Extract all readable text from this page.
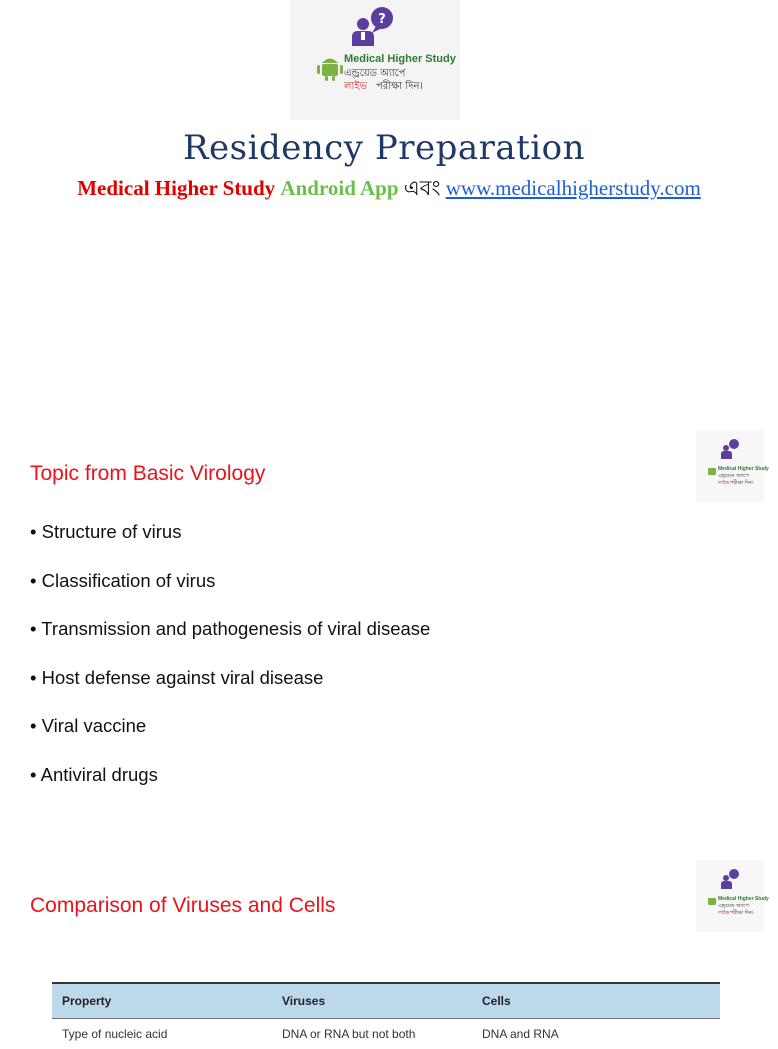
?
Medical Higher Study
এন্ড্রয়েড অ্যাপে
লাইভ পরীক্ষা দিন।
Residency Preparation
Medical Higher Study Android App এবং www.medicalhigherstudy.com
Medical Higher Study
এন্ড্রয়েড অ্যাপে
লাইভ পরীক্ষা দিন।
Topic from Basic Virology
• Structure of virus
• Classification of virus
• Transmission and pathogenesis of viral disease
• Host defense against viral disease
• Viral vaccine
• Antiviral drugs
Medical Higher Study
এন্ড্রয়েড অ্যাপে
লাইভ পরীক্ষা দিন।
Comparison of Viruses and Cells
Property	Viruses	Cells
Type of nucleic acid	DNA or RNA but not both	DNA and RNA
